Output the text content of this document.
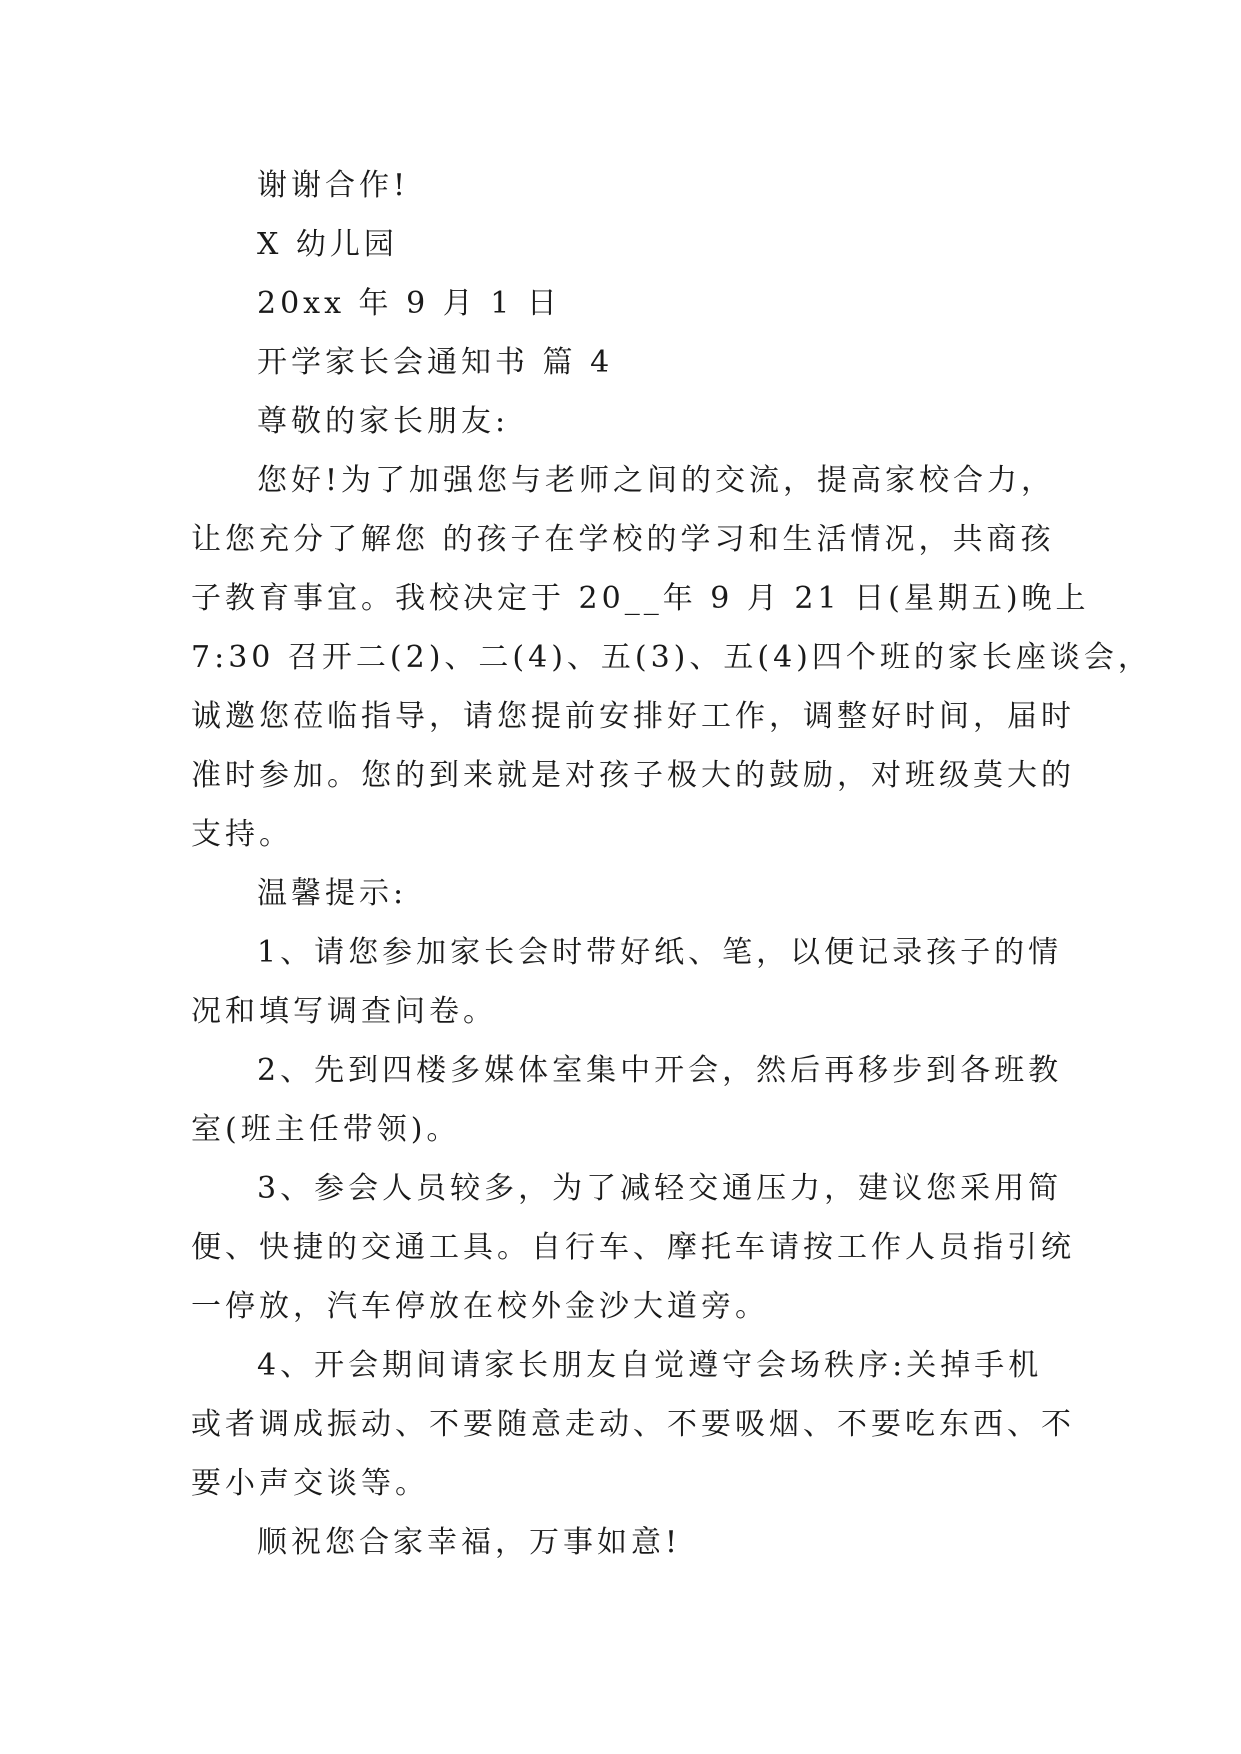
谢谢合作!

X 幼儿园

20xx 年 9 月 1 日

开学家长会通知书 篇 4

尊敬的家长朋友:

您好!为了加强您与老师之间的交流，提高家校合力，

让您充分了解您 的孩子在学校的学习和生活情况，共商孩

子教育事宜。我校决定于 20__年 9 月 21 日(星期五)晚上

7:30 召开二(2)、二(4)、五(3)、五(4)四个班的家长座谈会，

诚邀您莅临指导，请您提前安排好工作，调整好时间，届时

准时参加。您的到来就是对孩子极大的鼓励，对班级莫大的

支持。

温馨提示:

1、请您参加家长会时带好纸、笔，以便记录孩子的情

况和填写调查问卷。

2、先到四楼多媒体室集中开会，然后再移步到各班教

室(班主任带领)。

3、参会人员较多，为了减轻交通压力，建议您采用简

便、快捷的交通工具。自行车、摩托车请按工作人员指引统

一停放，汽车停放在校外金沙大道旁。

4、开会期间请家长朋友自觉遵守会场秩序:关掉手机

或者调成振动、不要随意走动、不要吸烟、不要吃东西、不

要小声交谈等。

顺祝您合家幸福，万事如意!
